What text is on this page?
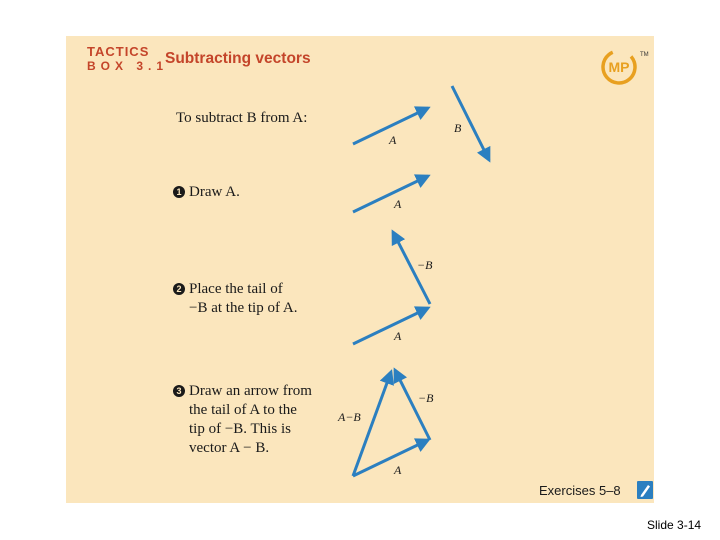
TACTICS
BOX 3.1
Subtracting vectors	MP
TM
To subtract B from A:
1 Draw A.
2 Place the tail of
−B at the tip of A.
3 Draw an arrow from
the tail of A to the
tip of −B. This is
vector A − B.
A
B
A
A
−B
A
−B
A−B
Exercises 5–8
Slide 3-14
